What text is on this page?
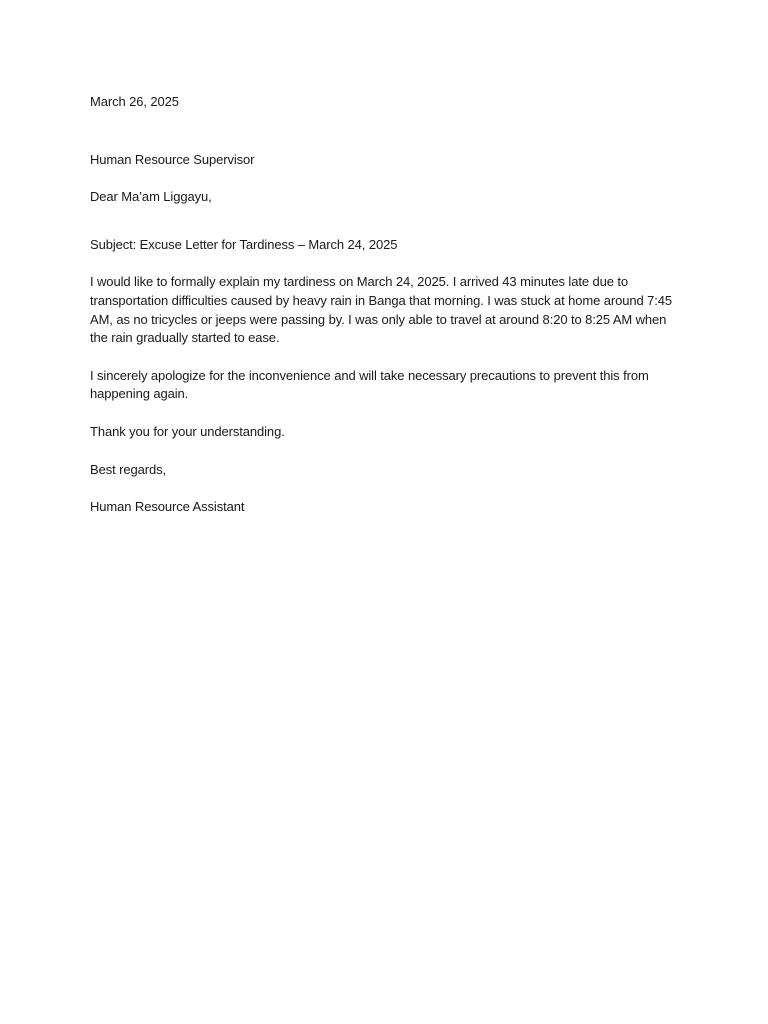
March 26, 2025

Human Resource Supervisor

Dear Ma’am Liggayu,

Subject: Excuse Letter for Tardiness – March 24, 2025

I would like to formally explain my tardiness on March 24, 2025. I arrived 43 minutes late due to transportation difficulties caused by heavy rain in Banga that morning. I was stuck at home around 7:45 AM, as no tricycles or jeeps were passing by. I was only able to travel at around 8:20 to 8:25 AM when the rain gradually started to ease.

I sincerely apologize for the inconvenience and will take necessary precautions to prevent this from happening again.

Thank you for your understanding.

Best regards,

Human Resource Assistant
